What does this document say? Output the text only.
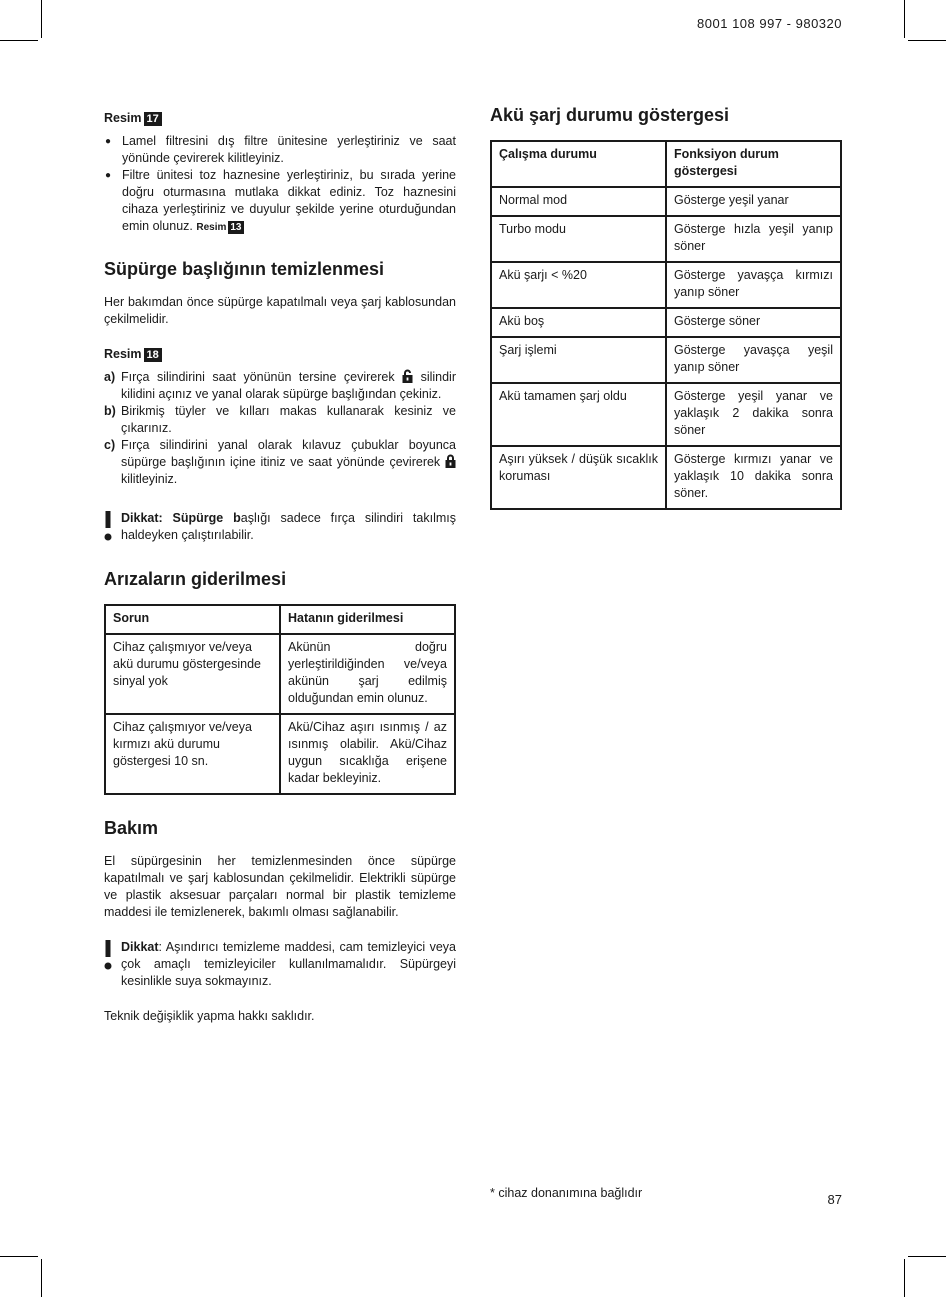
8001 108 997 - 980320
Resim 17
● Lamel filtresini dış filtre ünitesine yerleştiriniz ve saat yönünde çevirerek kilitleyiniz.
● Filtre ünitesi toz haznesine yerleştiriniz, bu sırada yerine doğru oturmasına mutlaka dikkat ediniz. Toz haznesini cihaza yerleştiriniz ve duyulur şekilde yerine oturduğundan emin olunuz. Resim 13
Süpürge başlığının temizlenmesi

Her bakımdan önce süpürge kapatılmalı veya şarj kablosundan çekilmelidir.

Resim 18
a) Fırça silindirini saat yönünün tersine çevirerek silindir kilidini açınız ve yanal olarak süpürge başlığından çekiniz.
b) Birikmiş tüyler ve kılları makas kullanarak kesiniz ve çıkarınız.
c) Fırça silindirini yanal olarak kılavuz çubuklar boyunca süpürge başlığının içine itiniz ve saat yönünde çevirerek  kilitleyiniz.

Dikkat: Süpürge başlığı sadece fırça silindiri takılmış haldeyken çalıştırılabilir.

Arızaların giderilmesi
Sorun	Hatanın giderilmesi
Cihaz çalışmıyor ve/veya akü durumu göstergesinde sinyal yok	Akünün doğru yerleştirildiğinden ve/veya akünün şarj edilmiş olduğundan emin olunuz.
Cihaz çalışmıyor ve/veya kırmızı akü durumu göstergesi 10 sn.	Akü/Cihaz aşırı ısınmış / az ısınmış olabilir. Akü/Cihaz uygun sıcaklığa erişene kadar bekleyiniz.
Bakım

El süpürgesinin her temizlenmesinden önce süpürge kapatılmalı ve şarj kablosundan çekilmelidir. Elektrikli süpürge ve plastik aksesuar parçaları normal bir plastik temizleme maddesi ile temizlenerek, bakımlı olması sağlanabilir.

Dikkat: Aşındırıcı temizleme maddesi, cam temizleyici veya çok amaçlı temizleyiciler kullanılmamalıdır. Süpürgeyi kesinlikle suya sokmayınız.

Teknik değişiklik yapma hakkı saklıdır.

Akü şarj durumu göstergesi
Çalışma durumu	Fonksiyon durum göstergesi
Normal mod	Gösterge yeşil yanar
Turbo modu	Gösterge hızla yeşil yanıp söner
Akü şarjı < %20	Gösterge yavaşça kırmızı yanıp söner
Akü boş	Gösterge söner
Şarj işlemi	Gösterge yavaşça yeşil yanıp söner
Akü tamamen şarj oldu	Gösterge yeşil yanar ve yaklaşık 2 dakika sonra söner
Aşırı yüksek / düşük sıcaklık koruması	Gösterge kırmızı yanar ve yaklaşık 10 dakika sonra söner.
* cihaz donanımına bağlıdır	87
